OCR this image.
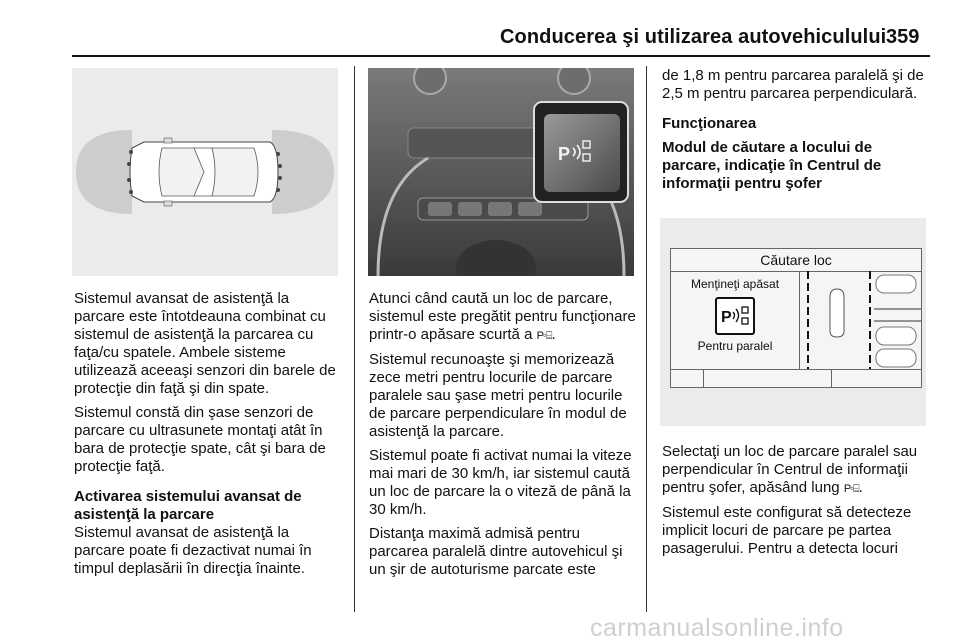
Conducerea şi utilizarea autovehiculului 359
P
Căutare loc
Menţineţi apăsat
P
Pentru paralel

Sistemul avansat de asistenţă la parcare este întotdeauna combinat cu sistemul de asistenţă la parcarea cu faţa/cu spatele. Ambele sisteme utilizează aceeaşi senzori din barele de protecţie din faţă şi din spate.

Sistemul constă din şase senzori de parcare cu ultrasunete montaţi atât în bara de protecţie spate, cât şi bara de protecţie faţă.

Activarea sistemului avansat de asistenţă la parcare

Sistemul avansat de asistenţă la parcare poate fi dezactivat numai în timpul deplasării în direcţia înainte.

Atunci când caută un loc de parcare, sistemul este pregătit pentru funcţionare printr-o apăsare scurtă a P◦⌸.

Sistemul recunoaşte şi memorizează zece metri pentru locurile de parcare paralele sau şase metri pentru locurile de parcare perpendiculare în modul de asistenţă la parcare.

Sistemul poate fi activat numai la viteze mai mari de 30 km/h, iar sistemul caută un loc de parcare la o viteză de până la 30 km/h.

Distanţa maximă admisă pentru parcarea paralelă dintre autovehicul şi un şir de autoturisme parcate este

de 1,8 m pentru parcarea paralelă şi de 2,5 m pentru parcarea perpendiculară.

Funcţionarea

Modul de căutare a locului de parcare, indicaţie în Centrul de informaţii pentru şofer

Selectaţi un loc de parcare paralel sau perpendicular în Centrul de informaţii pentru şofer, apăsând lung P◦⌸.

Sistemul este configurat să detecteze implicit locuri de parcare pe partea pasagerului. Pentru a detecta locuri

carmanualsonline.info
